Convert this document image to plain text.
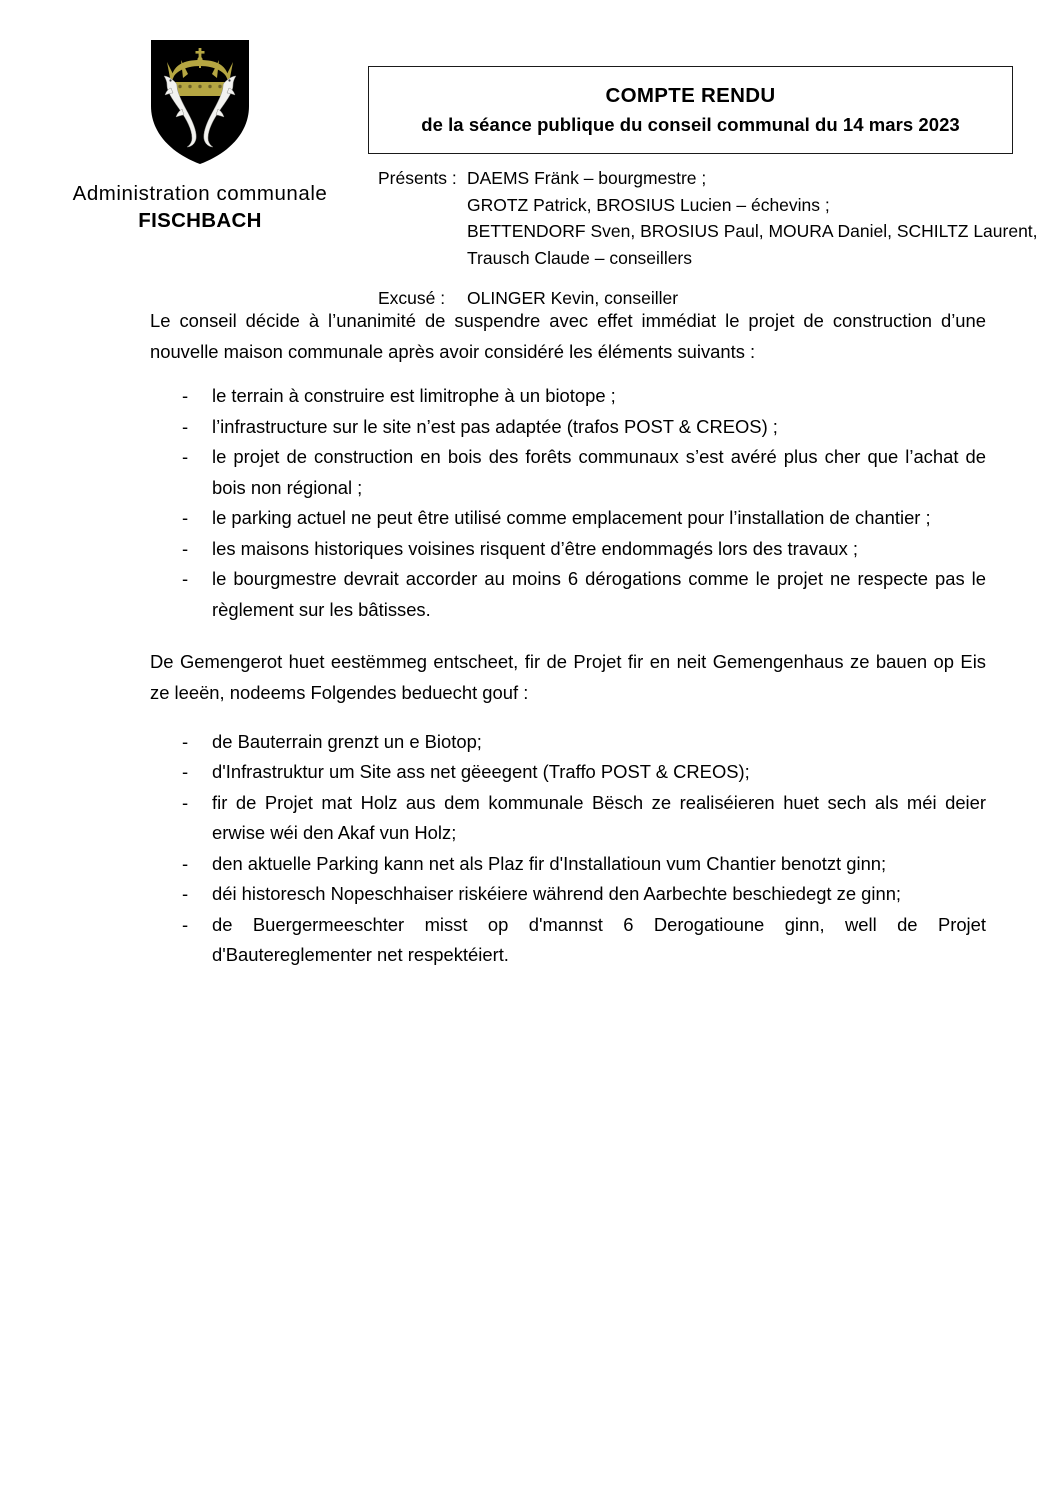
Administration communale
FISCHBACH
COMPTE RENDU
de la séance publique du conseil communal du 14 mars 2023
Présents : DAEMS Fränk – bourgmestre ;
GROTZ Patrick, BROSIUS Lucien – échevins ;
BETTENDORF Sven, BROSIUS Paul, MOURA Daniel, SCHILTZ Laurent,
Trausch Claude – conseillers
Excusé :	OLINGER Kevin, conseiller

Le conseil décide à l’unanimité de suspendre avec effet immédiat le projet de construction d’une nouvelle maison communale après avoir considéré les éléments suivants :

- le terrain à construire est limitrophe à un biotope ;
- l’infrastructure sur le site n’est pas adaptée (trafos POST & CREOS) ;
- le projet de construction en bois des forêts communaux s’est avéré plus cher que l’achat de bois non régional ;
- le parking actuel ne peut être utilisé comme emplacement pour l’installation de chantier ;
- les maisons historiques voisines risquent d’être endommagés lors des travaux ;
- le bourgmestre devrait accorder au moins 6 dérogations comme le projet ne respecte pas le règlement sur les bâtisses.

De Gemengerot huet eestëmmeg entscheet, fir de Projet fir en neit Gemengenhaus ze bauen op Eis ze leeën, nodeems Folgendes beduecht gouf :

- de Bauterrain grenzt un e Biotop;
- d'Infrastruktur um Site ass net gëeegent (Traffo POST & CREOS);
- fir de Projet mat Holz aus dem kommunale Bësch ze realiséieren huet sech als méi deier erwise wéi den Akaf vun Holz;
- den aktuelle Parking kann net als Plaz fir d'Installatioun vum Chantier benotzt ginn;
- déi historesch Nopeschhaiser riskéiere während den Aarbechte beschiedegt ze ginn;
- de Buergermeeschter misst op d'mannst 6 Derogatioune ginn, well de Projet d'Bautereglementer net respektéiert.
